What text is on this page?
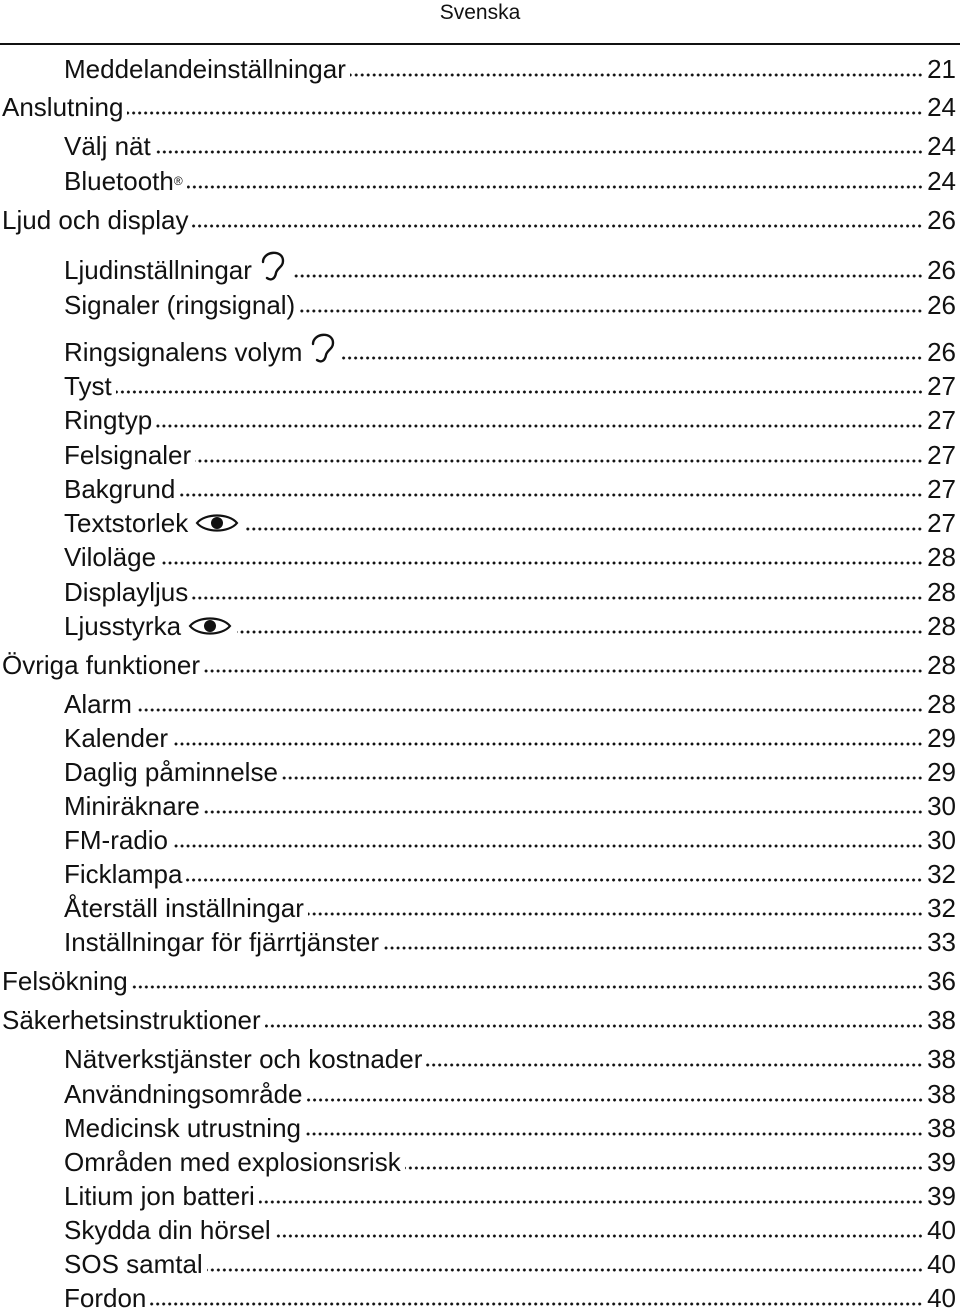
Svenska
Meddelandeinställningar	21
Anslutning	24
Välj nät	24
Bluetooth ®	24
Ljud och display	26
Ljudinställningar	26
Signaler (ringsignal)	26
Ringsignalens volym	26
Tyst	27
Ringtyp	27
Felsignaler	27
Bakgrund	27
Textstorlek	27
Viloläge	28
Displayljus	28
Ljusstyrka	28
Övriga funktioner	28
Alarm	28
Kalender	29
Daglig påminnelse	29
Miniräknare	30
FM-radio	30
Ficklampa	32
Återställ inställningar	32
Inställningar för fjärrtjänster	33
Felsökning	36
Säkerhetsinstruktioner	38
Nätverkstjänster och kostnader	38
Användningsområde	38
Medicinsk utrustning	38
Områden med explosionsrisk	39
Litium jon batteri	39
Skydda din hörsel	40
SOS samtal	40
Fordon	40
